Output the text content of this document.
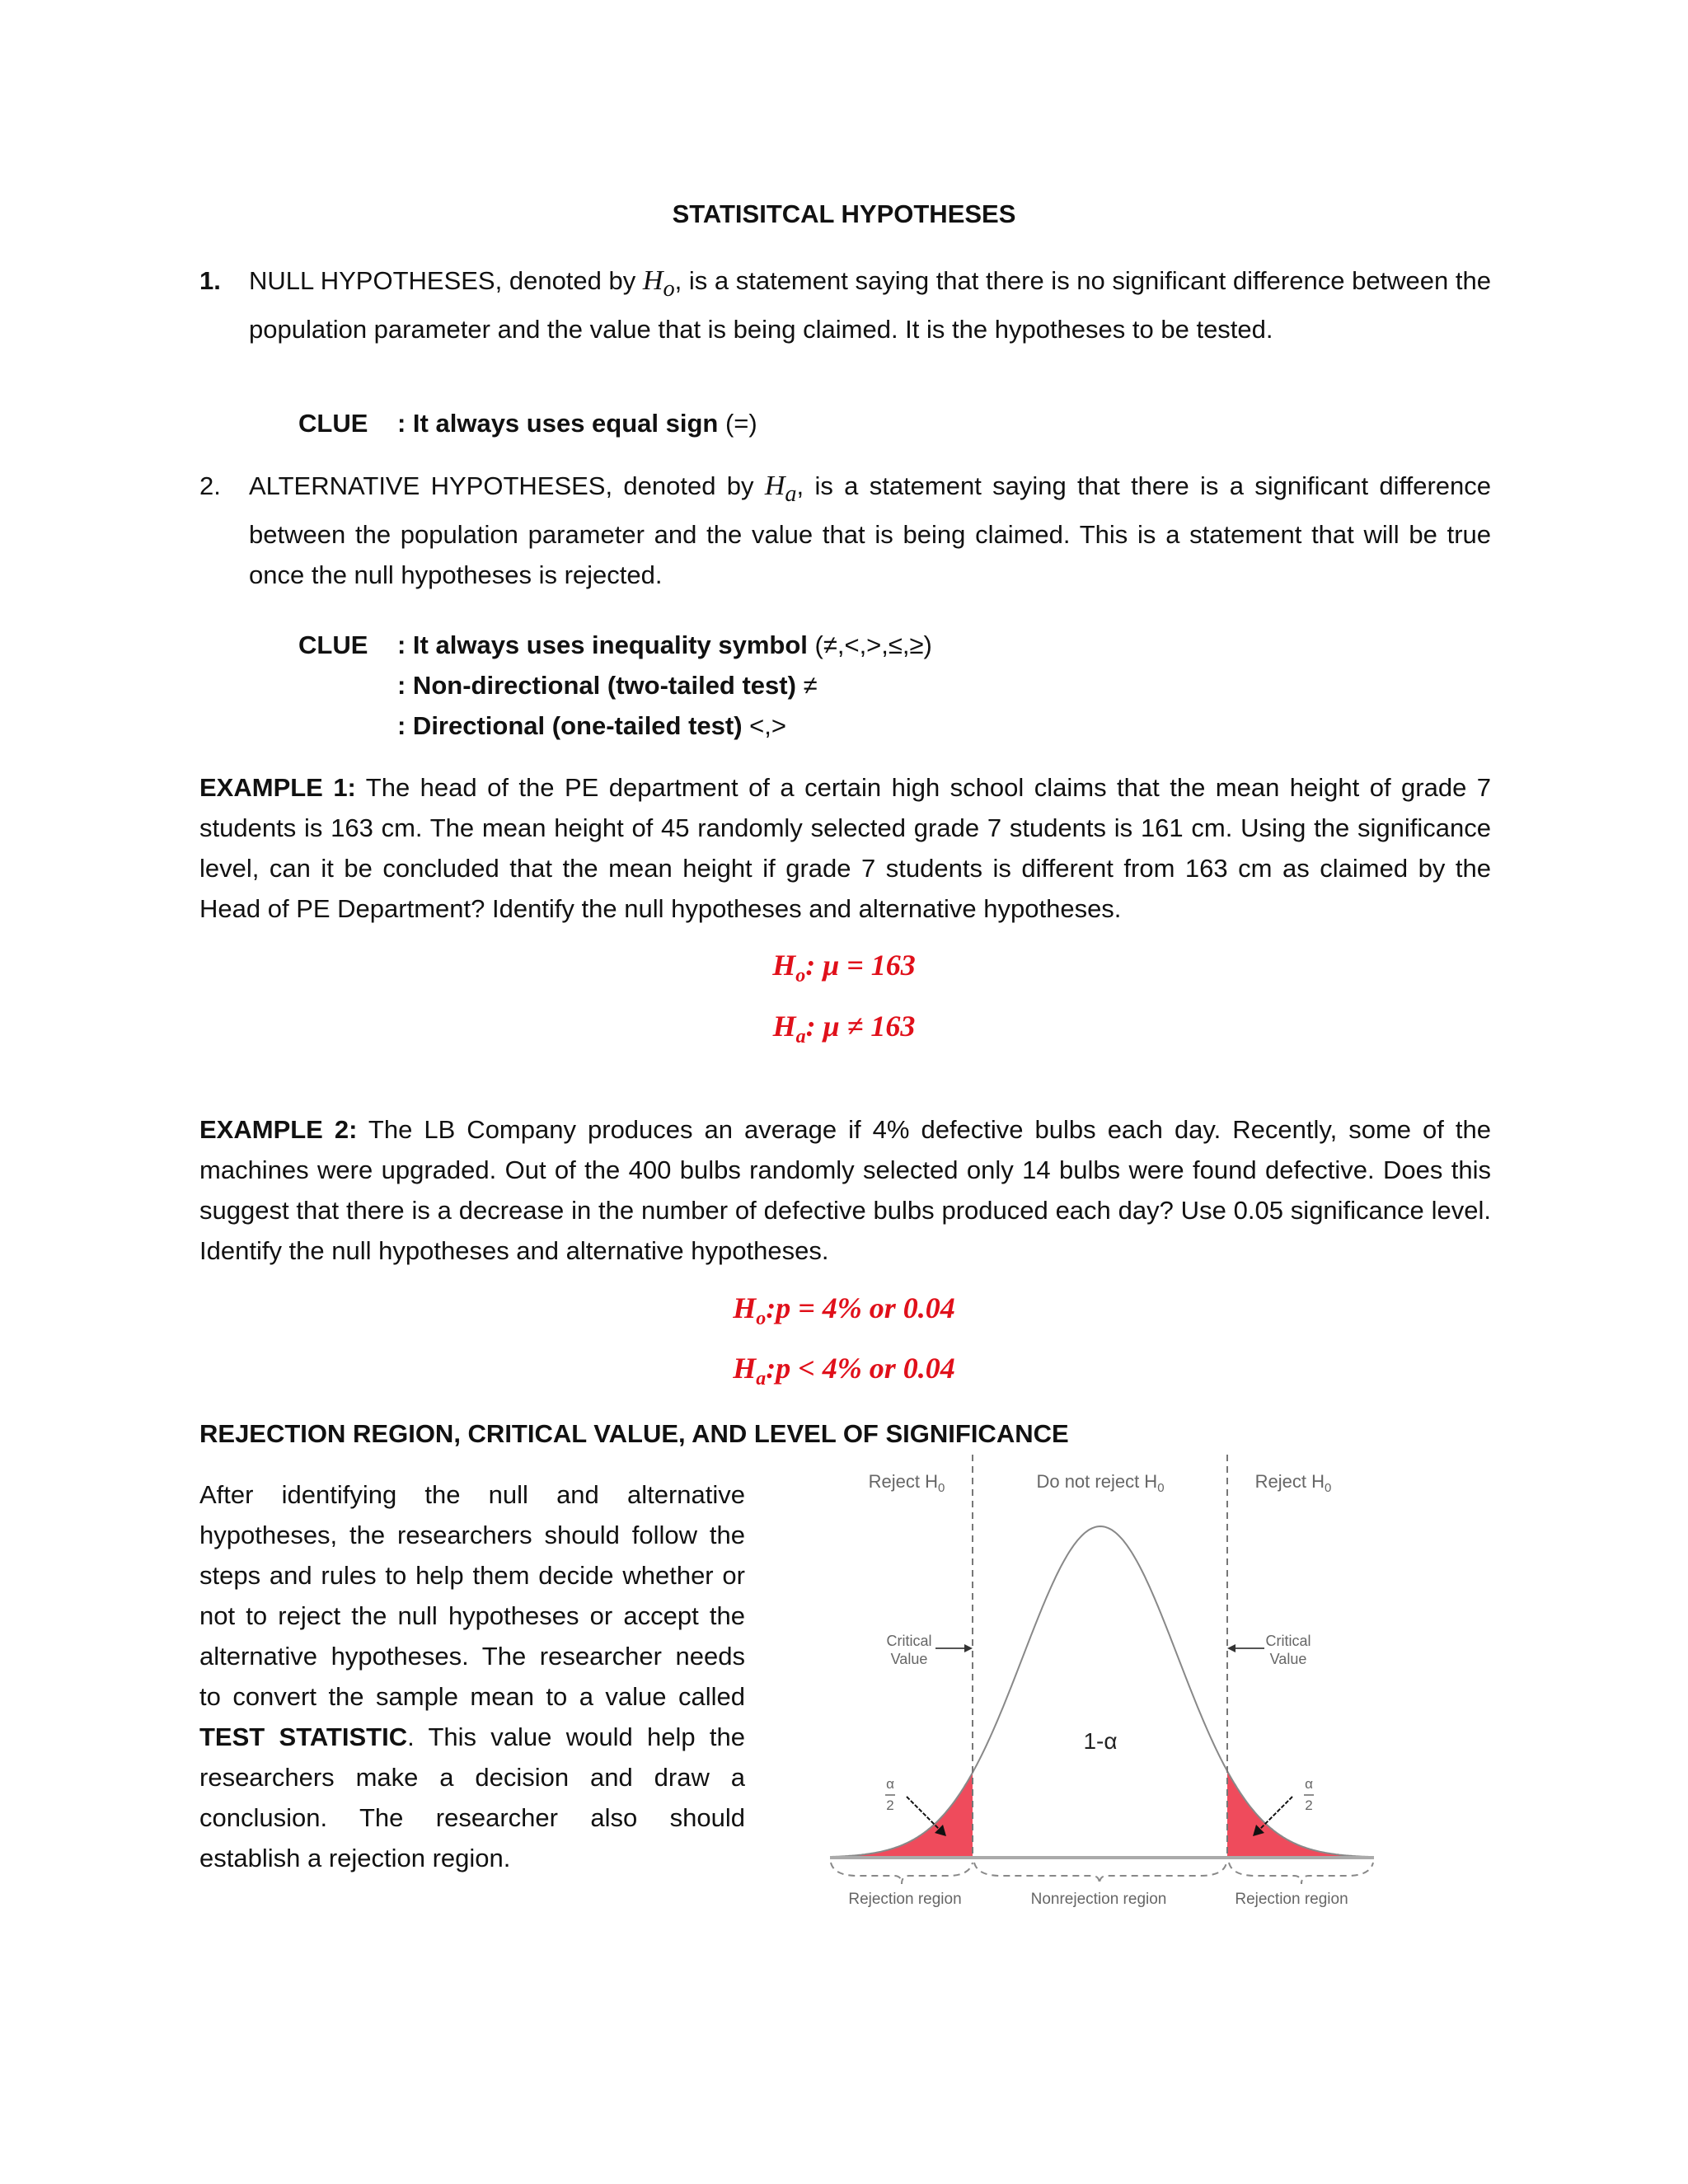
STATISITCAL HYPOTHESES
1. NULL HYPOTHESES, denoted by $H_o$, is a statement saying that there is no significant difference between the population parameter and the value that is being claimed. It is the hypotheses to be tested.
CLUE : It always uses equal sign (=)
2. ALTERNATIVE HYPOTHESES, denoted by $H_a$, is a statement saying that there is a significant difference between the population parameter and the value that is being claimed. This is a statement that will be true once the null hypotheses is rejected.
CLUE : It always uses inequality symbol (≠,<,>,≤,≥)
: Non-directional (two-tailed test) ≠
: Directional (one-tailed test) <,>
EXAMPLE 1: The head of the PE department of a certain high school claims that the mean height of grade 7 students is 163 cm. The mean height of 45 randomly selected grade 7 students is 161 cm. Using the significance level, can it be concluded that the mean height if grade 7 students is different from 163 cm as claimed by the Head of PE Department? Identify the null hypotheses and alternative hypotheses.
$H_o$: μ = 163
$H_a$: μ ≠ 163
EXAMPLE 2: The LB Company produces an average if 4% defective bulbs each day. Recently, some of the machines were upgraded. Out of the 400 bulbs randomly selected only 14 bulbs were found defective. Does this suggest that there is a decrease in the number of defective bulbs produced each day? Use 0.05 significance level. Identify the null hypotheses and alternative hypotheses.
$H_o:p = 4\%$ or 0.04
$H_a:p < 4\%$ or 0.04
REJECTION REGION, CRITICAL VALUE, AND LEVEL OF SIGNIFICANCE
After identifying the null and alternative hypotheses, the researchers should follow the steps and rules to help them decide whether or not to reject the null hypotheses or accept the alternative hypotheses. The researcher needs to convert the sample mean to a value called TEST STATISTIC. This value would help the researchers make a decision and draw a conclusion. The researcher also should establish a rejection region.
Reject $H_0$	Do not reject $H_0$	Reject $H_0$
Critical
Value
Critical
Value
1-α
α
2
α
2
Rejection region	Nonrejection region	Rejection region
